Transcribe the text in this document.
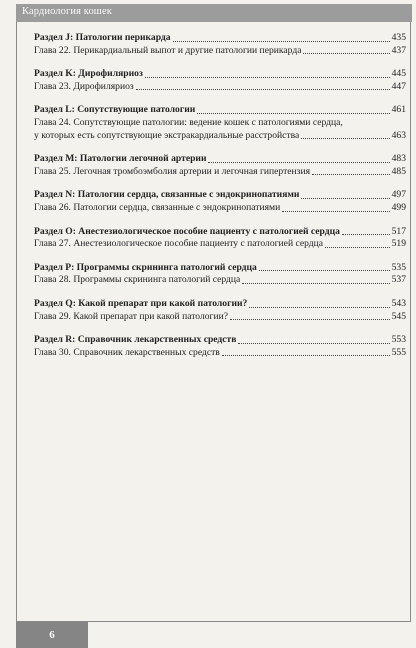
Кардиология кошек
Раздел J: Патологии перикарда	435
Глава 22. Перикардиальный выпот и другие патологии перикарда	437
Раздел K: Дирофиляриоз	445
Глава 23. Дирофиляриоз	447
Раздел L: Сопутствующие патологии	461
Глава 24. Сопутствующие патологии: ведение кошек с патологиями сердца,
у которых есть сопутствующие экстракардиальные расстройства	463
Раздел M: Патологии легочной артерии	483
Глава 25. Легочная тромбоэмболия артерии и легочная гипертензия	485
Раздел N: Патологии сердца, связанные с эндокринопатиями	497
Глава 26. Патологии сердца, связанные с эндокринопатиями	499
Раздел O: Анестезиологическое пособие пациенту с патологией сердца	517
Глава 27. Анестезиологическое пособие пациенту с патологией сердца	519
Раздел P: Программы скрининга патологий сердца	535
Глава 28. Программы скрининга патологий сердца	537
Раздел Q: Какой препарат при какой патологии?	543
Глава 29. Какой препарат при какой патологии?	545
Раздел R: Справочник лекарственных средств	553
Глава 30. Справочник лекарственных средств	555
6
